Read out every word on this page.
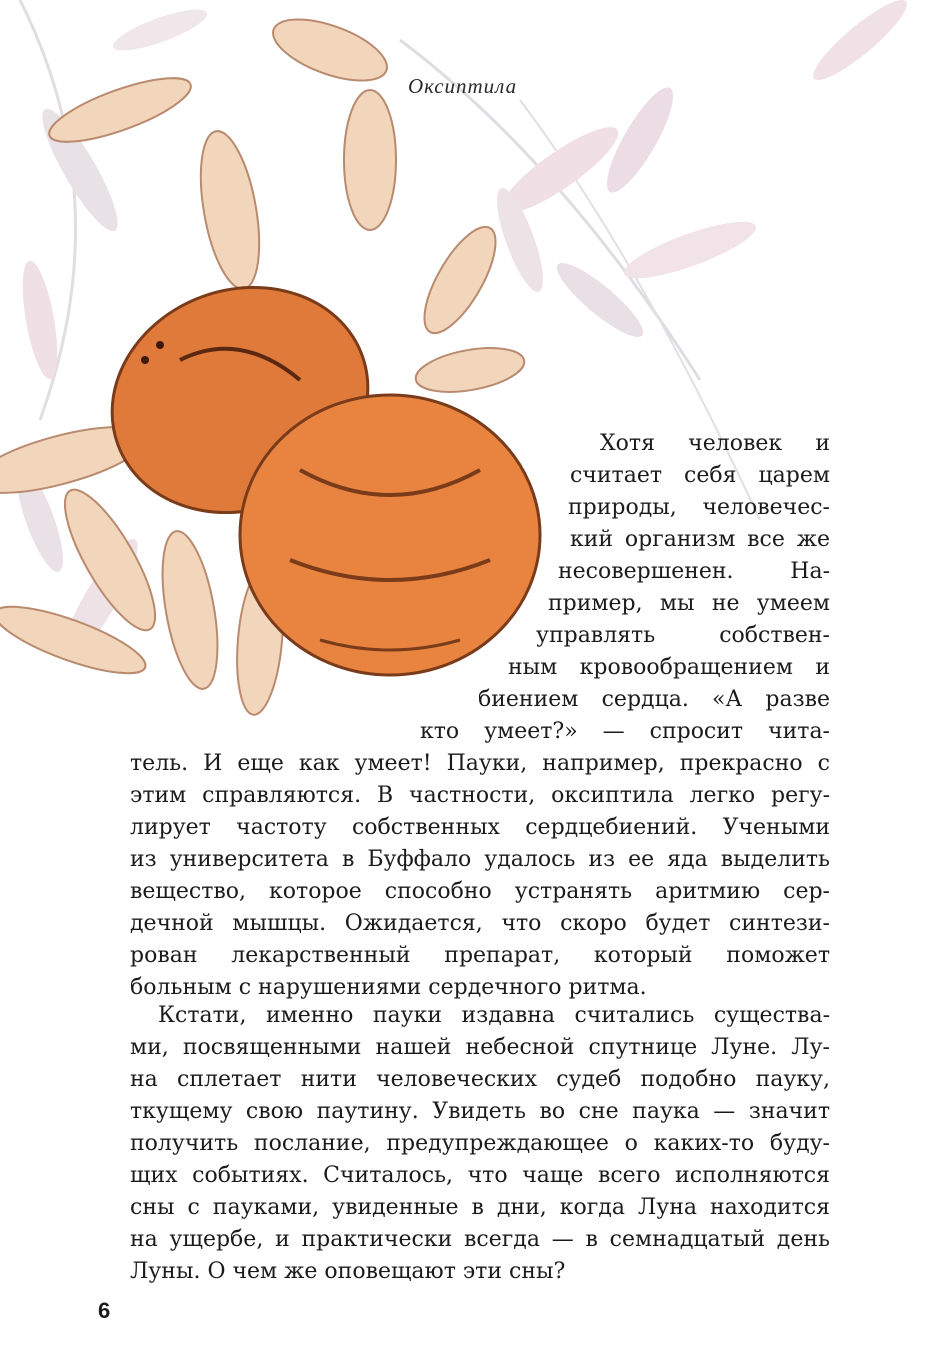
Оксиптила

Хотя человек и

считает себя царем

природы, человечес-

кий организм все же

несовершенен. На-

пример, мы не умеем

управлять собствен-

ным кровообращением и

биением сердца. «А разве

кто умеет?» — спросит чита-

тель. И еще как умеет! Пауки, например, прекрасно с

этим справляются. В частности, оксиптила легко регу-

лирует частоту собственных сердцебиений. Учеными

из университета в Буффало удалось из ее яда выделить

вещество, которое способно устранять аритмию сер-

дечной мышцы. Ожидается, что скоро будет синтези-

рован лекарственный препарат, который поможет

больным с нарушениями сердечного ритма.

Кстати, именно пауки издавна считались существа-

ми, посвященными нашей небесной спутнице Луне. Лу-

на сплетает нити человеческих судеб подобно пауку,

ткущему свою паутину. Увидеть во сне паука — значит

получить послание, предупреждающее о каких-то буду-

щих событиях. Считалось, что чаще всего исполняются

сны с пауками, увиденные в дни, когда Луна находится

на ущербе, и практически всегда — в семнадцатый день

Луны. О чем же оповещают эти сны?

6
